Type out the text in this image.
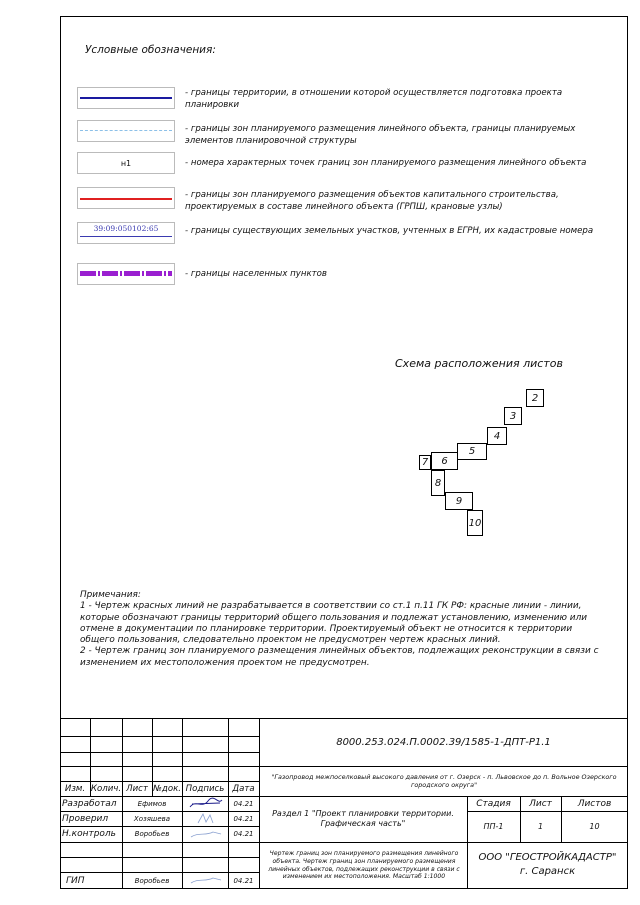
Условные обозначения:
- границы территории, в отношении которой осуществляется подготовка проекта планировки
- границы зон планируемого размещения линейного объекта, границы планируемых элементов планировочной структуры
н1	- номера характерных точек границ зон планируемого размещения линейного объекта
- границы зон планируемого размещения объектов капитального строительства, проектируемых в составе линейного объекта (ГРПШ, крановые узлы)
39:09:050102:65	- границы существующих земельных участков, учтенных в ЕГРН, их кадастровые номера
- границы населенных пунктов
Схема расположения листов
2
3
4
5
6
7
8
9
10

Примечания:

1 - Чертеж красных линий не разрабатывается в соответствии со ст.1 п.11 ГК РФ: красные линии - линии, которые обозначают границы территорий общего пользования и подлежат установлению, изменению или отмене в документации по планировке территории. Проектируемый объект не относится к территории общего пользования, следовательно проектом не предусмотрен чертеж красных линий.

2 - Чертеж границ зон планируемого размещения линейных объектов, подлежащих реконструкции в связи с изменением их местоположения проектом не предусмотрен.

8000.253.024.П.0002.39/1585-1-ДПТ-Р1.1
"Газопровод межпоселковый высокого давления от г. Озерск - п. Львовское до п. Вольное Озерского городского округа"
Изм. Колич. Лист №док. Подпись Дата
Разработал	Ефимов	04.21
Проверил	Хозяшева	04.21
Н.контроль	Воробьев	04.21
ГИП	Воробьев	04.21
Раздел 1 "Проект планировки территории. Графическая часть"
Стадия	Лист	Листов
ПП-1	1	10
Чертеж границ зон планируемого размещения линейного объекта. Чертеж границ зон планируемого размещения линейных объектов, подлежащих реконструкции в связи с изменением их местоположения. Масштаб 1:1000
ООО "ГЕОСТРОЙКАДАСТР"
г. Саранск
